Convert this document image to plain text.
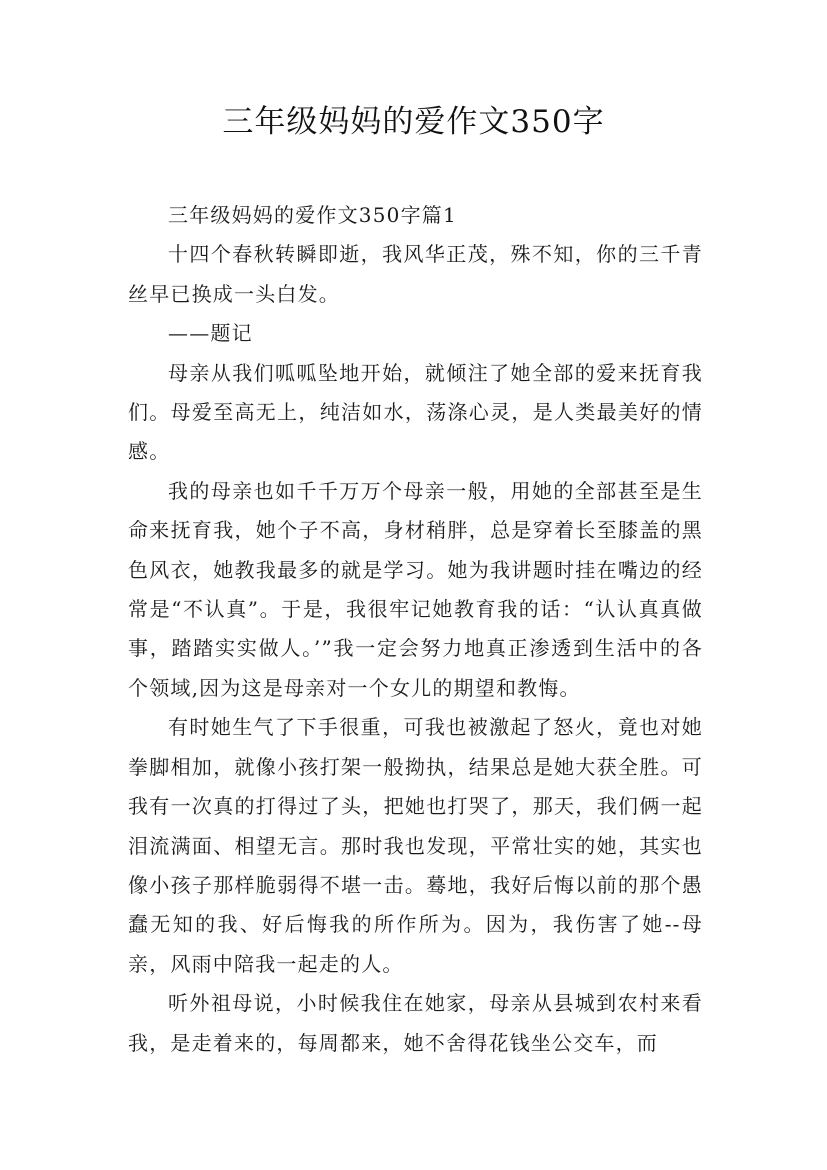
三年级妈妈的爱作文350字

三年级妈妈的爱作文350字篇1

十四个春秋转瞬即逝，我风华正茂，殊不知，你的三千青丝早已换成一头白发。

——题记

母亲从我们呱呱坠地开始，就倾注了她全部的爱来抚育我们。母爱至高无上，纯洁如水，荡涤心灵，是人类最美好的情感。

我的母亲也如千千万万个母亲一般，用她的全部甚至是生命来抚育我，她个子不高，身材稍胖，总是穿着长至膝盖的黑色风衣，她教我最多的就是学习。她为我讲题时挂在嘴边的经常是“不认真”。于是，我很牢记她教育我的话：“认认真真做事，踏踏实实做人。’”我一定会努力地真正渗透到生活中的各个领域,因为这是母亲对一个女儿的期望和教悔。

有时她生气了下手很重，可我也被激起了怒火，竟也对她拳脚相加，就像小孩打架一般拗执，结果总是她大获全胜。可我有一次真的打得过了头，把她也打哭了，那天，我们俩一起泪流满面、相望无言。那时我也发现，平常壮实的她，其实也像小孩子那样脆弱得不堪一击。蓦地，我好后悔以前的那个愚蠢无知的我、好后悔我的所作所为。因为，我伤害了她--母亲，风雨中陪我一起走的人。

听外祖母说，小时候我住在她家，母亲从县城到农村来看我，是走着来的，每周都来，她不舍得花钱坐公交车，而
